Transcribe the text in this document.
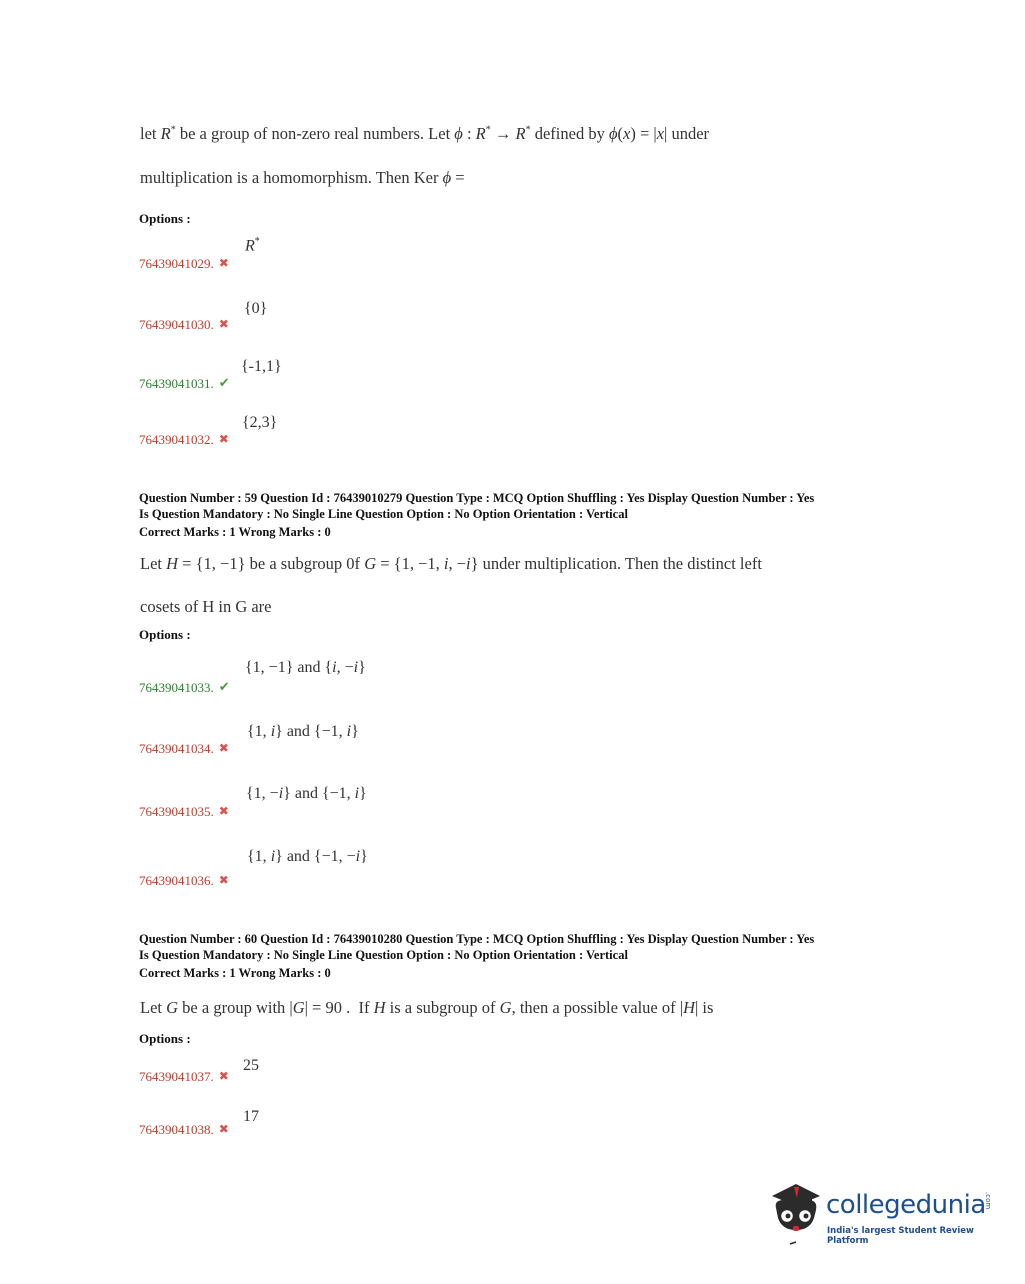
let R* be a group of non-zero real numbers. Let ϕ : R* → R* defined by ϕ(x) = |x| under
multiplication is a homomorphism. Then Ker ϕ =
Options :
R*
76439041029. ✖
{0}
76439041030. ✖
{-1,1}
76439041031. ✔
{2,3}
76439041032. ✖
Question Number : 59 Question Id : 76439010279 Question Type : MCQ Option Shuffling : Yes Display Question Number : Yes
Is Question Mandatory : No Single Line Question Option : No Option Orientation : Vertical
Correct Marks : 1 Wrong Marks : 0
Let H = {1, −1} be a subgroup 0f G = {1, −1, i, −i} under multiplication. Then the distinct left
cosets of H in G are
Options :
{1, −1} and {i, −i}
76439041033. ✔
{1, i} and {−1, i}
76439041034. ✖
{1, −i} and {−1, i}
76439041035. ✖
{1, i} and {−1, −i}
76439041036. ✖
Question Number : 60 Question Id : 76439010280 Question Type : MCQ Option Shuffling : Yes Display Question Number : Yes
Is Question Mandatory : No Single Line Question Option : No Option Orientation : Vertical
Correct Marks : 1 Wrong Marks : 0
Let G be a group with |G| = 90 .  If H is a subgroup of G, then a possible value of |H| is
Options :
25
76439041037. ✖
17
76439041038. ✖
collegedunia
.com
India's largest Student Review Platform
